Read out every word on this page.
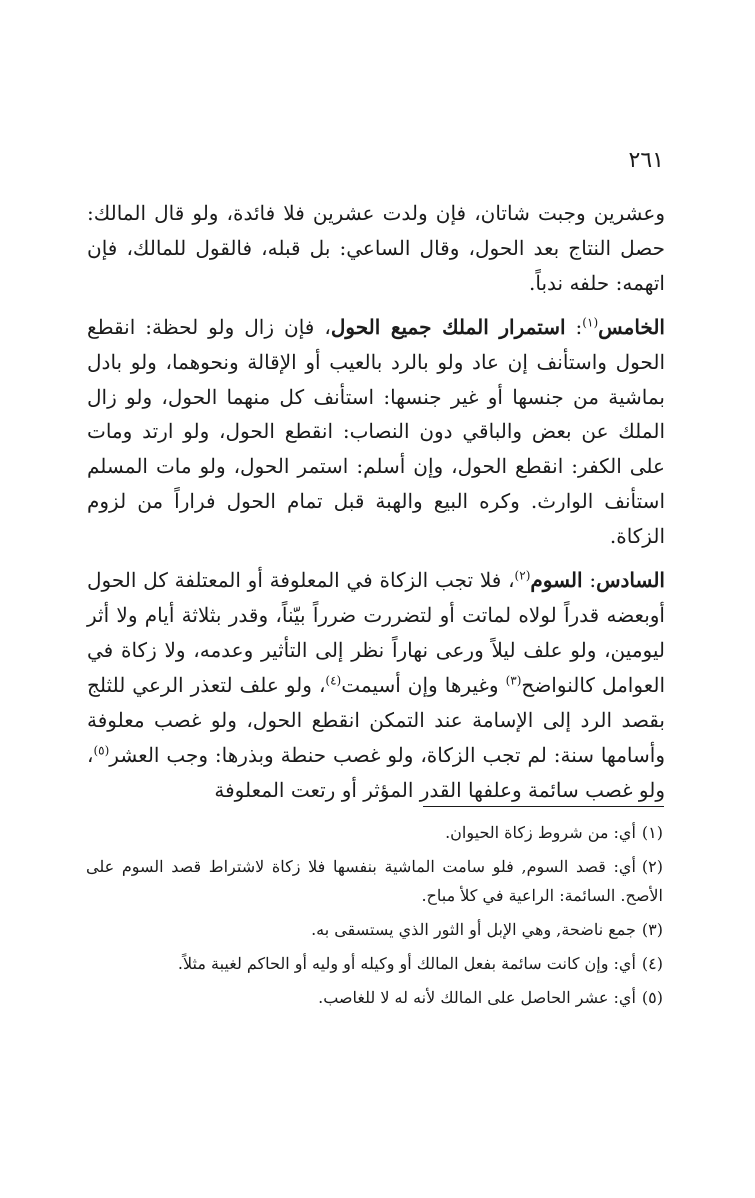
٢٦١

وعشرين وجبت شاتان، فإن ولدت عشرين فلا فائدة، ولو قال المالك: حصل النتاج بعد الحول، وقال الساعي: بل قبله، فالقول للمالك، فإن اتهمه: حلفه ندباً.

الخامس$^{(١)}$: استمرار الملك جميع الحول، فإن زال ولو لحظة: انقطع الحول واستأنف إن عاد ولو بالرد بالعيب أو الإقالة ونحوهما، ولو بادل بماشية من جنسها أو غير جنسها: استأنف كل منهما الحول، ولو زال الملك عن بعض والباقي دون النصاب: انقطع الحول، ولو ارتد ومات على الكفر: انقطع الحول، وإن أسلم: استمر الحول، ولو مات المسلم استأنف الوارث. وكره البيع والهبة قبل تمام الحول فراراً من لزوم الزكاة.

السادس: السوم$^{(٢)}$، فلا تجب الزكاة في المعلوفة أو المعتلفة كل الحول أوبعضه قدراً لولاه لماتت أو لتضررت ضرراً بيّناً، وقدر بثلاثة أيام ولا أثر ليومين، ولو علف ليلاً ورعى نهاراً نظر إلى التأثير وعدمه، ولا زكاة في العوامل كالنواضح$^{(٣)}$ وغيرها وإن أسيمت$^{(٤)}$، ولو علف لتعذر الرعي للثلج بقصد الرد إلى الإسامة عند التمكن انقطع الحول، ولو غصب معلوفة وأسامها سنة: لم تجب الزكاة، ولو غصب حنطة وبذرها: وجب العشر$^{(٥)}$، ولو غصب سائمة وعلفها القدر المؤثر أو رتعت المعلوفة

(١)أي: من شروط زكاة الحيوان.

(٢)أي: قصد السوم, فلو سامت الماشية بنفسها فلا زكاة لاشتراط قصد السوم على الأصح. السائمة: الراعية في كلأ مباح.

(٣)جمع ناضحة, وهي الإبل أو الثور الذي يستسقى به.

(٤)أي: وإن كانت سائمة بفعل المالك أو وكيله أو وليه أو الحاكم لغيبة مثلاً.

(٥)أي: عشر الحاصل على المالك لأنه له لا للغاصب.
